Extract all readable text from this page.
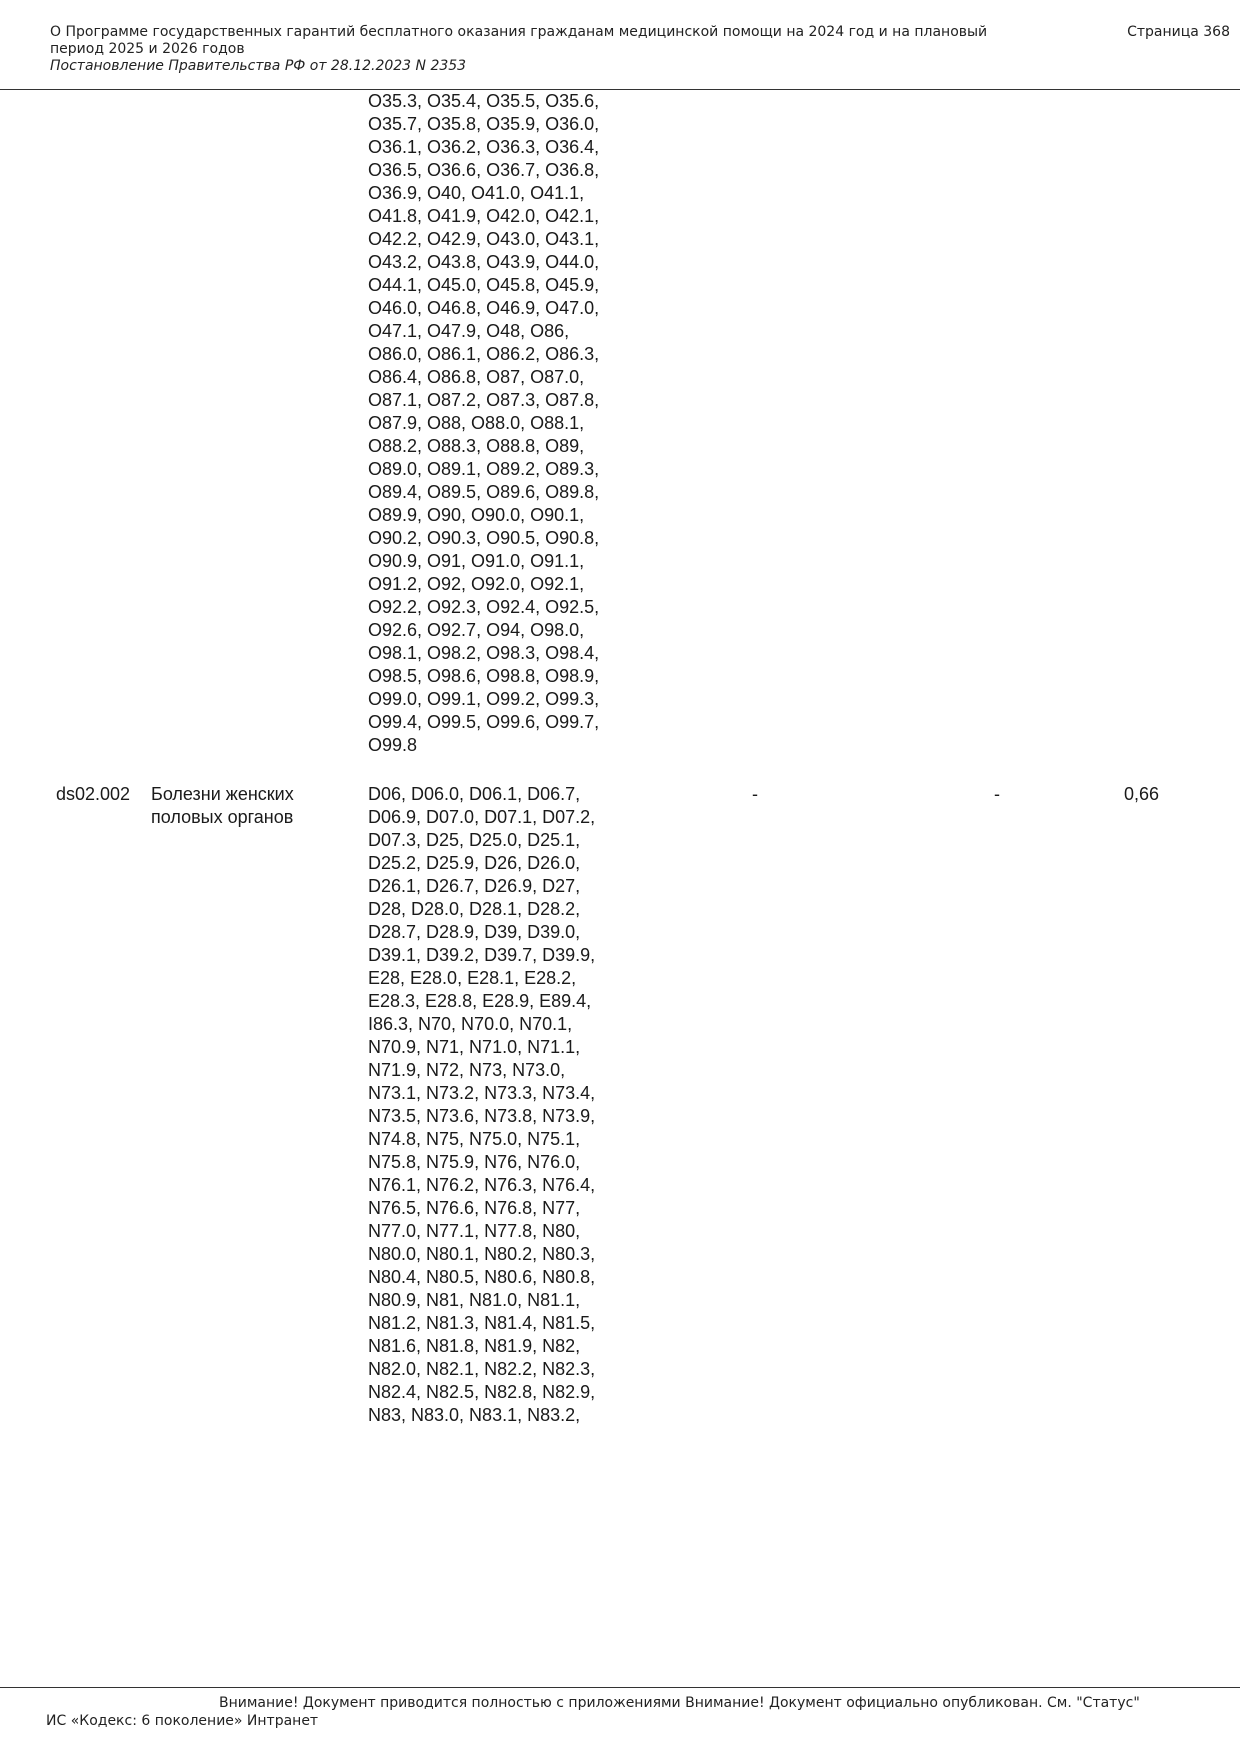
О Программе государственных гарантий бесплатного оказания гражданам медицинской помощи на 2024 год и на плановый период 2025 и 2026 годов
Постановление Правительства РФ от 28.12.2023 N 2353
Страница 368
O35.3, O35.4, O35.5, O35.6,
O35.7, O35.8, O35.9, O36.0,
O36.1, O36.2, O36.3, O36.4,
O36.5, O36.6, O36.7, O36.8,
O36.9, O40, O41.0, O41.1,
O41.8, O41.9, O42.0, O42.1,
O42.2, O42.9, O43.0, O43.1,
O43.2, O43.8, O43.9, O44.0,
O44.1, O45.0, O45.8, O45.9,
O46.0, O46.8, O46.9, O47.0,
O47.1, O47.9, O48, O86,
O86.0, O86.1, O86.2, O86.3,
O86.4, O86.8, O87, O87.0,
O87.1, O87.2, O87.3, O87.8,
O87.9, O88, O88.0, O88.1,
O88.2, O88.3, O88.8, O89,
O89.0, O89.1, O89.2, O89.3,
O89.4, O89.5, O89.6, O89.8,
O89.9, O90, O90.0, O90.1,
O90.2, O90.3, O90.5, O90.8,
O90.9, O91, O91.0, O91.1,
O91.2, O92, O92.0, O92.1,
O92.2, O92.3, O92.4, O92.5,
O92.6, O92.7, O94, O98.0,
O98.1, O98.2, O98.3, O98.4,
O98.5, O98.6, O98.8, O98.9,
O99.0, O99.1, O99.2, O99.3,
O99.4, O99.5, O99.6, O99.7,
O99.8
ds02.002 Болезни женских половых органов
D06, D06.0, D06.1, D06.7,
D06.9, D07.0, D07.1, D07.2,
D07.3, D25, D25.0, D25.1,
D25.2, D25.9, D26, D26.0,
D26.1, D26.7, D26.9, D27,
D28, D28.0, D28.1, D28.2,
D28.7, D28.9, D39, D39.0,
D39.1, D39.2, D39.7, D39.9,
E28, E28.0, E28.1, E28.2,
E28.3, E28.8, E28.9, E89.4,
I86.3, N70, N70.0, N70.1,
N70.9, N71, N71.0, N71.1,
N71.9, N72, N73, N73.0,
N73.1, N73.2, N73.3, N73.4,
N73.5, N73.6, N73.8, N73.9,
N74.8, N75, N75.0, N75.1,
N75.8, N75.9, N76, N76.0,
N76.1, N76.2, N76.3, N76.4,
N76.5, N76.6, N76.8, N77,
N77.0, N77.1, N77.8, N80,
N80.0, N80.1, N80.2, N80.3,
N80.4, N80.5, N80.6, N80.8,
N80.9, N81, N81.0, N81.1,
N81.2, N81.3, N81.4, N81.5,
N81.6, N81.8, N81.9, N82,
N82.0, N82.1, N82.2, N82.3,
N82.4, N82.5, N82.8, N82.9,
N83, N83.0, N83.1, N83.2,
-	-	0,66
Внимание! Документ приводится полностью с приложениями Внимание! Документ официально опубликован. См. "Статус"
ИС «Кодекс: 6 поколение» Интранет
